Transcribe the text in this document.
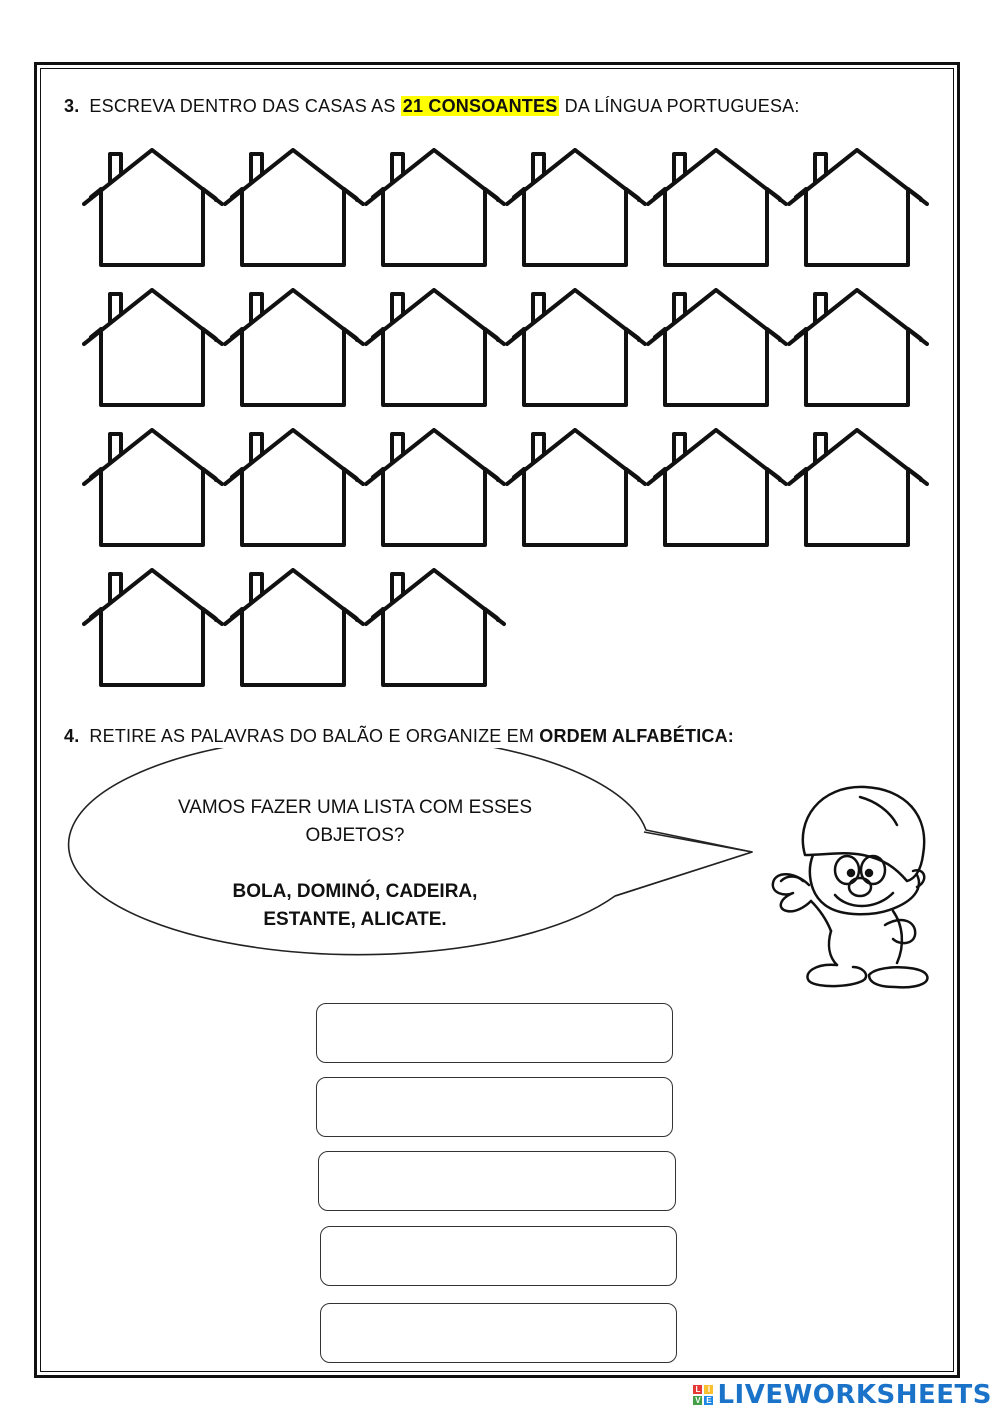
3. ESCREVA DENTRO DAS CASAS AS 21 CONSOANTES DA LÍNGUA PORTUGUESA:
4. RETIRE AS PALAVRAS DO BALÃO E ORGANIZE EM ORDEM ALFABÉTICA:
VAMOS FAZER UMA LISTA COM ESSES
OBJETOS?
BOLA, DOMINÓ, CADEIRA,
ESTANTE, ALICATE.
L I
V E LIVEWORKSHEETS
